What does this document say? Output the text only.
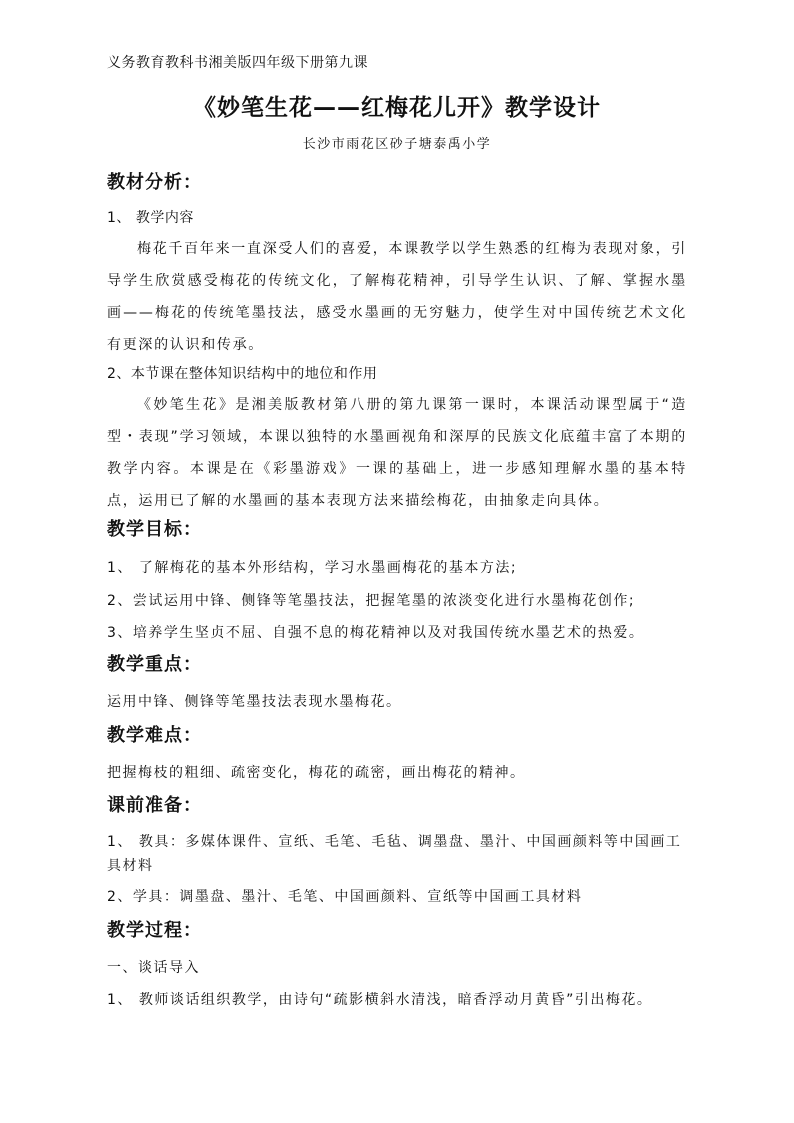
义务教育教科书湘美版四年级下册第九课
《妙笔生花——红梅花儿开》教学设计
长沙市雨花区砂子塘泰禹小学
教材分析：
1、 教学内容
梅花千百年来一直深受人们的喜爱，本课教学以学生熟悉的红梅为表现对象，引导学生欣赏感受梅花的传统文化，了解梅花精神，引导学生认识、了解、掌握水墨画——梅花的传统笔墨技法，感受水墨画的无穷魅力，使学生对中国传统艺术文化有更深的认识和传承。
2、本节课在整体知识结构中的地位和作用
《妙笔生花》是湘美版教材第八册的第九课第一课时，本课活动课型属于“造型・表现”学习领域，本课以独特的水墨画视角和深厚的民族文化底蕴丰富了本期的教学内容。本课是在《彩墨游戏》一课的基础上，进一步感知理解水墨的基本特点，运用已了解的水墨画的基本表现方法来描绘梅花，由抽象走向具体。
教学目标：
1、 了解梅花的基本外形结构，学习水墨画梅花的基本方法;
2、尝试运用中锋、侧锋等笔墨技法，把握笔墨的浓淡变化进行水墨梅花创作;
3、培养学生坚贞不屈、自强不息的梅花精神以及对我国传统水墨艺术的热爱。
教学重点：
运用中锋、侧锋等笔墨技法表现水墨梅花。
教学难点：
把握梅枝的粗细、疏密变化，梅花的疏密，画出梅花的精神。
课前准备：
1、 教具：多媒体课件、宣纸、毛笔、毛毡、调墨盘、墨汁、中国画颜料等中国画工具材料
2、学具：调墨盘、墨汁、毛笔、中国画颜料、宣纸等中国画工具材料
教学过程：
一、谈话导入
1、 教师谈话组织教学，由诗句“疏影横斜水清浅，暗香浮动月黄昏”引出梅花。
